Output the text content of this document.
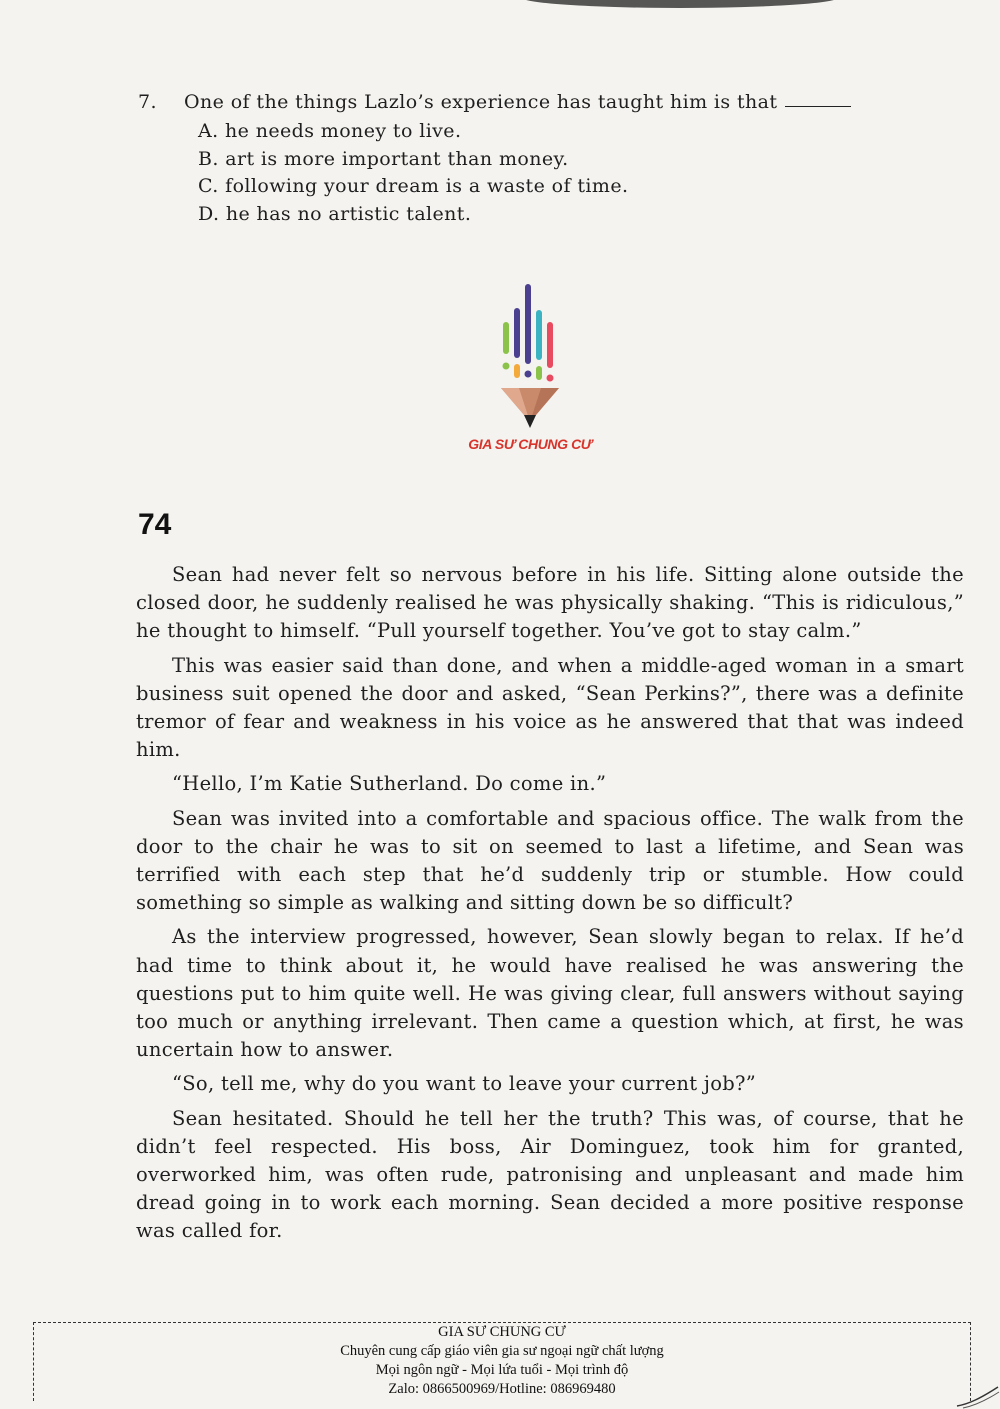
7.	One of the things Lazlo’s experience has taught him is that
A. he needs money to live.
B. art is more important than money.
C. following your dream is a waste of time.
D. he has no artistic talent.
GIA SƯ CHUNG CƯ
74

Sean had never felt so nervous before in his life. Sitting alone outside the closed door, he suddenly realised he was physically shaking. “This is ridiculous,” he thought to himself. “Pull yourself together. You’ve got to stay calm.”

This was easier said than done, and when a middle-aged woman in a smart business suit opened the door and asked, “Sean Perkins?”, there was a definite tremor of fear and weakness in his voice as he answered that that was indeed him.

“Hello, I’m Katie Sutherland. Do come in.”

Sean was invited into a comfortable and spacious office. The walk from the door to the chair he was to sit on seemed to last a lifetime, and Sean was terrified with each step that he’d suddenly trip or stumble. How could something so simple as walking and sitting down be so difficult?

As the interview progressed, however, Sean slowly began to relax. If he’d had time to think about it, he would have realised he was answering the questions put to him quite well. He was giving clear, full answers without saying too much or anything irrelevant. Then came a question which, at first, he was uncertain how to answer.

“So, tell me, why do you want to leave your current job?”

Sean hesitated. Should he tell her the truth? This was, of course, that he didn’t feel respected. His boss, Air Dominguez, took him for granted, overworked him, was often rude, patronising and unpleasant and made him dread going in to work each morning. Sean decided a more positive response was called for.

GIA SƯ CHUNG CƯ
Chuyên cung cấp giáo viên gia sư ngoại ngữ chất lượng
Mọi ngôn ngữ - Mọi lứa tuổi - Mọi trình độ
Zalo: 0866500969/Hotline: 086969480
